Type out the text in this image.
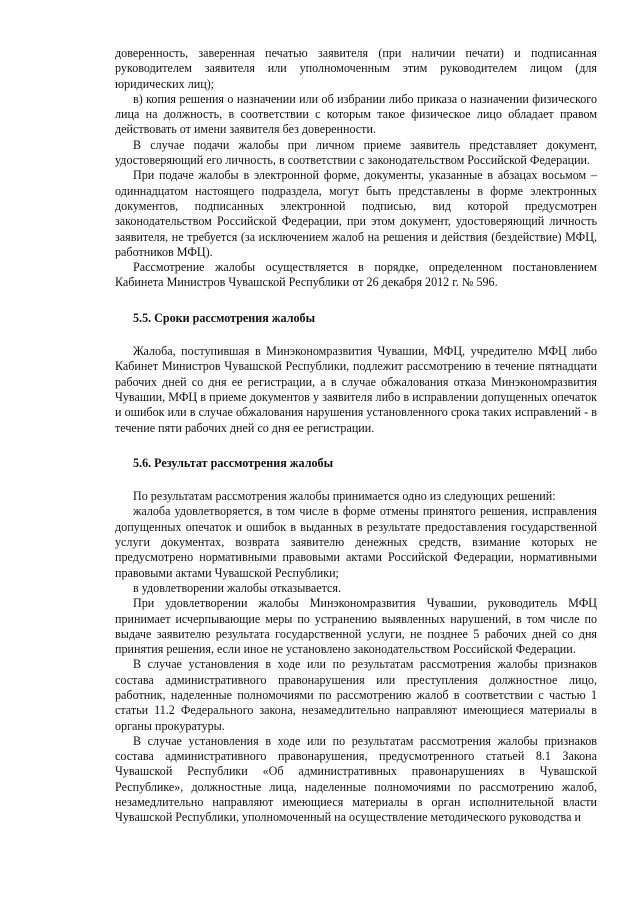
доверенность, заверенная печатью заявителя (при наличии печати) и подписанная руководителем заявителя или уполномоченным этим руководителем лицом (для юридических лиц);

в) копия решения о назначении или об избрании либо приказа о назначении физического лица на должность, в соответствии с которым такое физическое лицо обладает правом действовать от имени заявителя без доверенности.

В случае подачи жалобы при личном приеме заявитель представляет документ, удостоверяющий его личность, в соответствии с законодательством Российской Федерации.

При подаче жалобы в электронной форме, документы, указанные в абзацах восьмом – одиннадцатом настоящего подраздела, могут быть представлены в форме электронных документов, подписанных электронной подписью, вид которой предусмотрен законодательством Российской Федерации, при этом документ, удостоверяющий личность заявителя, не требуется (за исключением жалоб на решения и действия (бездействие) МФЦ, работников МФЦ).

Рассмотрение жалобы осуществляется в порядке, определенном постановлением Кабинета Министров Чувашской Республики от 26 декабря 2012 г. № 596.

5.5. Сроки рассмотрения жалобы

Жалоба, поступившая в Минэкономразвития Чувашии, МФЦ, учредителю МФЦ либо Кабинет Министров Чувашской Республики, подлежит рассмотрению в течение пятнадцати рабочих дней со дня ее регистрации, а в случае обжалования отказа Минэкономразвития Чувашии, МФЦ в приеме документов у заявителя либо в исправлении допущенных опечаток и ошибок или в случае обжалования нарушения установленного срока таких исправлений - в течение пяти рабочих дней со дня ее регистрации.

5.6. Результат рассмотрения жалобы

По результатам рассмотрения жалобы принимается одно из следующих решений:

жалоба удовлетворяется, в том числе в форме отмены принятого решения, исправления допущенных опечаток и ошибок в выданных в результате предоставления государственной услуги документах, возврата заявителю денежных средств, взимание которых не предусмотрено нормативными правовыми актами Российской Федерации, нормативными правовыми актами Чувашской Республики;

в удовлетворении жалобы отказывается.

При удовлетворении жалобы Минэкономразвития Чувашии, руководитель МФЦ принимает исчерпывающие меры по устранению выявленных нарушений, в том числе по выдаче заявителю результата государственной услуги, не позднее 5 рабочих дней со дня принятия решения, если иное не установлено законодательством Российской Федерации.

В случае установления в ходе или по результатам рассмотрения жалобы признаков состава административного правонарушения или преступления должностное лицо, работник, наделенные полномочиями по рассмотрению жалоб в соответствии с частью 1 статьи 11.2 Федерального закона, незамедлительно направляют имеющиеся материалы в органы прокуратуры.

В случае установления в ходе или по результатам рассмотрения жалобы признаков состава административного правонарушения, предусмотренного статьей 8.1 Закона Чувашской Республики «Об административных правонарушениях в Чувашской Республике», должностные лица, наделенные полномочиями по рассмотрению жалоб, незамедлительно направляют имеющиеся материалы в орган исполнительной власти Чувашской Республики, уполномоченный на осуществление методического руководства и
